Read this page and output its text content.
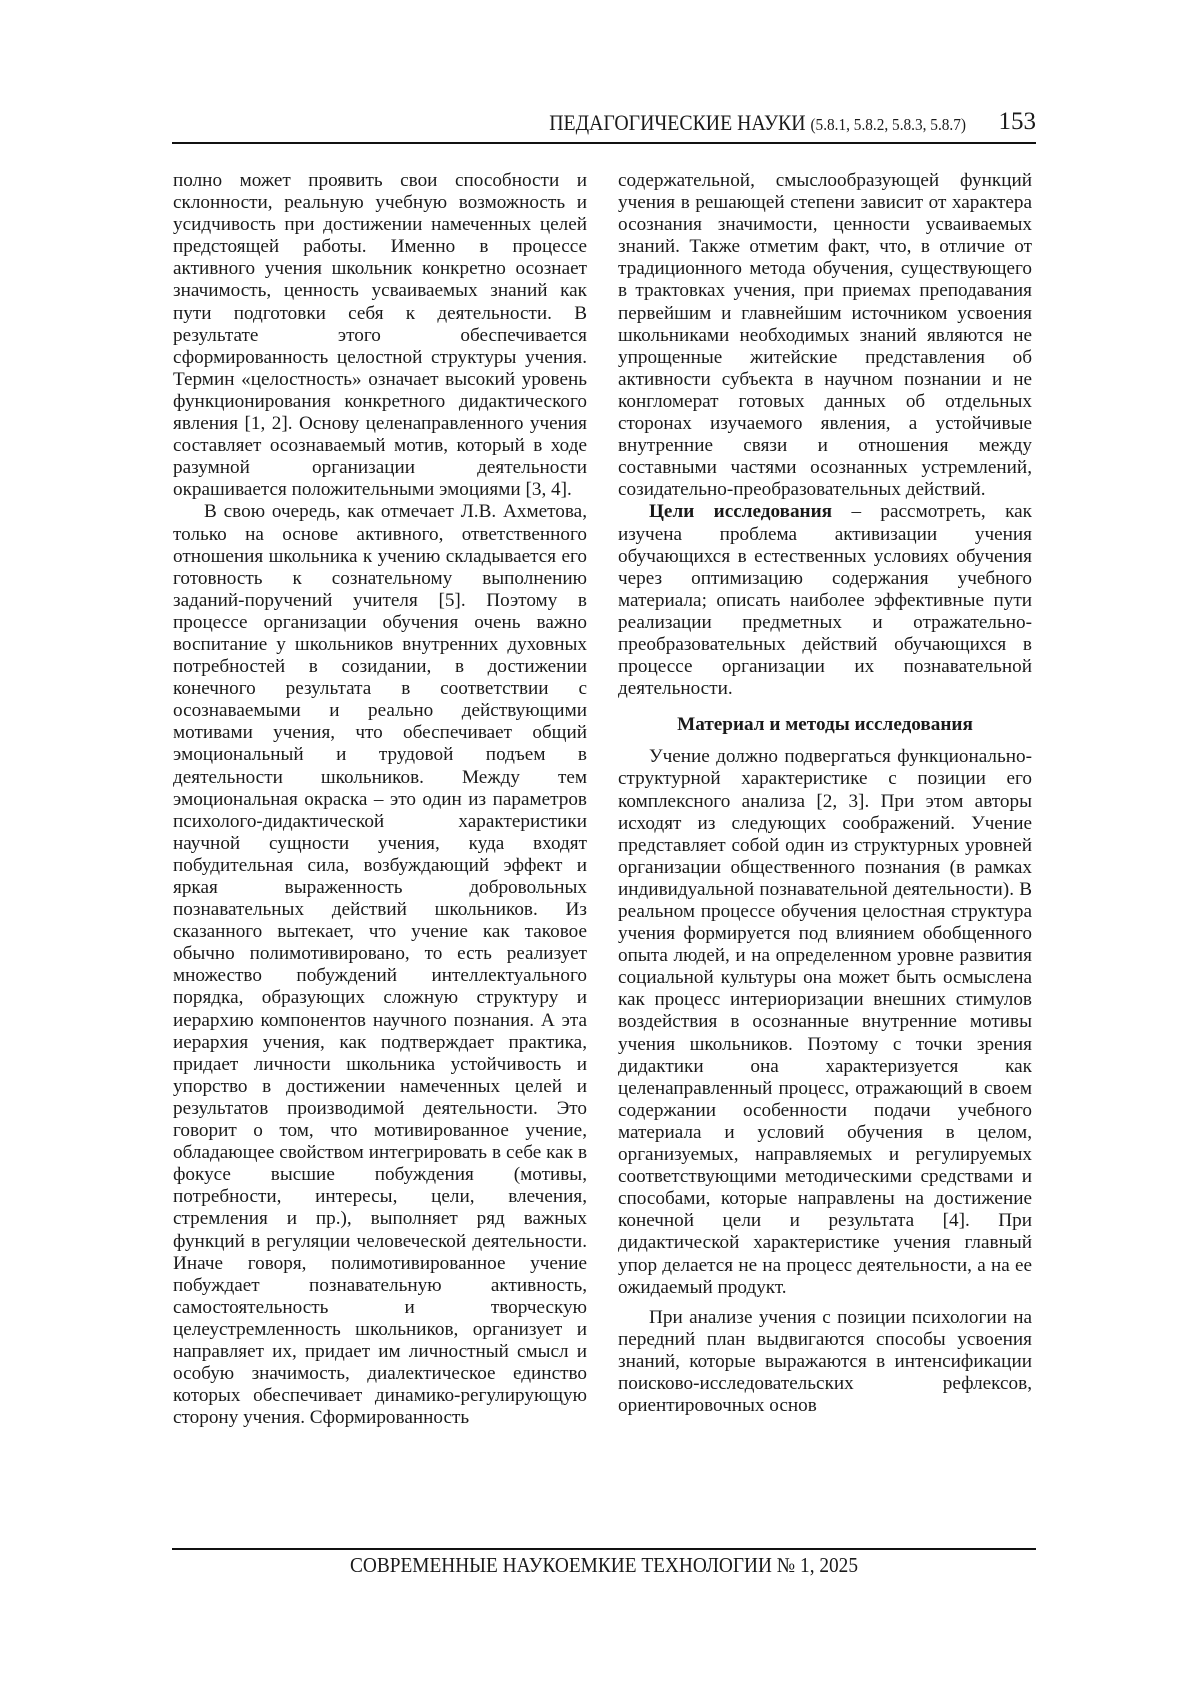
ПЕДАГОГИЧЕСКИЕ НАУКИ (5.8.1, 5.8.2, 5.8.3, 5.8.7) 153

полно может проявить свои способности и склонности, реальную учебную возможность и усидчивость при достижении намеченных целей предстоящей работы. Именно в процессе активного учения школьник конкретно осознает значимость, ценность усваиваемых знаний как пути подготовки себя к деятельности. В результате этого обеспечивается сформированность целостной структуры учения. Термин «целостность» означает высокий уровень функционирования конкретного дидактического явления [1, 2]. Основу целенаправленного учения составляет осознаваемый мотив, который в ходе разумной организации деятельности окрашивается положительными эмоциями [3, 4].

В свою очередь, как отмечает Л.В. Ахметова, только на основе активного, ответственного отношения школьника к учению складывается его готовность к сознательному выполнению заданий-поручений учителя [5]. Поэтому в процессе организации обучения очень важно воспитание у школьников внутренних духовных потребностей в созидании, в достижении конечного результата в соответствии с осознаваемыми и реально действующими мотивами учения, что обеспечивает общий эмоциональный и трудовой подъем в деятельности школьников. Между тем эмоциональная окраска – это один из параметров психолого-дидактической характеристики научной сущности учения, куда входят побудительная сила, возбуждающий эффект и яркая выраженность добровольных познавательных действий школьников. Из сказанного вытекает, что учение как таковое обычно полимотивировано, то есть реализует множество побуждений интеллектуального порядка, образующих сложную структуру и иерархию компонентов научного познания. А эта иерархия учения, как подтверждает практика, придает личности школьника устойчивость и упорство в достижении намеченных целей и результатов производимой деятельности. Это говорит о том, что мотивированное учение, обладающее свойством интегрировать в себе как в фокусе высшие побуждения (мотивы, потребности, интересы, цели, влечения, стремления и пр.), выполняет ряд важных функций в регуляции человеческой деятельности. Иначе говоря, полимотивированное учение побуждает познавательную активность, самостоятельность и творческую целеустремленность школьников, организует и направляет их, придает им личностный смысл и особую значимость, диалектическое единство которых обеспечивает динамико-регулирующую сторону учения. Сформированность

содержательной, смыслообразующей функций учения в решающей степени зависит от характера осознания значимости, ценности усваиваемых знаний. Также отметим факт, что, в отличие от традиционного метода обучения, существующего в трактовках учения, при приемах преподавания первейшим и главнейшим источником усвоения школьниками необходимых знаний являются не упрощенные житейские представления об активности субъекта в научном познании и не конгломерат готовых данных об отдельных сторонах изучаемого явления, а устойчивые внутренние связи и отношения между составными частями осознанных устремлений, созидательно-преобразовательных действий.

Цели исследования – рассмотреть, как изучена проблема активизации учения обучающихся в естественных условиях обучения через оптимизацию содержания учебного материала; описать наиболее эффективные пути реализации предметных и отражательно-преобразовательных действий обучающихся в процессе организации их познавательной деятельности.

Материал и методы исследования

Учение должно подвергаться функционально-структурной характеристике с позиции его комплексного анализа [2, 3]. При этом авторы исходят из следующих соображений. Учение представляет собой один из структурных уровней организации общественного познания (в рамках индивидуальной познавательной деятельности). В реальном процессе обучения целостная структура учения формируется под влиянием обобщенного опыта людей, и на определенном уровне развития социальной культуры она может быть осмыслена как процесс интериоризации внешних стимулов воздействия в осознанные внутренние мотивы учения школьников. Поэтому с точки зрения дидактики она характеризуется как целенаправленный процесс, отражающий в своем содержании особенности подачи учебного материала и условий обучения в целом, организуемых, направляемых и регулируемых соответствующими методическими средствами и способами, которые направлены на достижение конечной цели и результата [4]. При дидактической характеристике учения главный упор делается не на процесс деятельности, а на ее ожидаемый продукт.

При анализе учения с позиции психологии на передний план выдвигаются способы усвоения знаний, которые выражаются в интенсификации поисково-исследовательских рефлексов, ориентировочных основ

СОВРЕМЕННЫЕ НАУКОЕМКИЕ ТЕХНОЛОГИИ № 1, 2025
